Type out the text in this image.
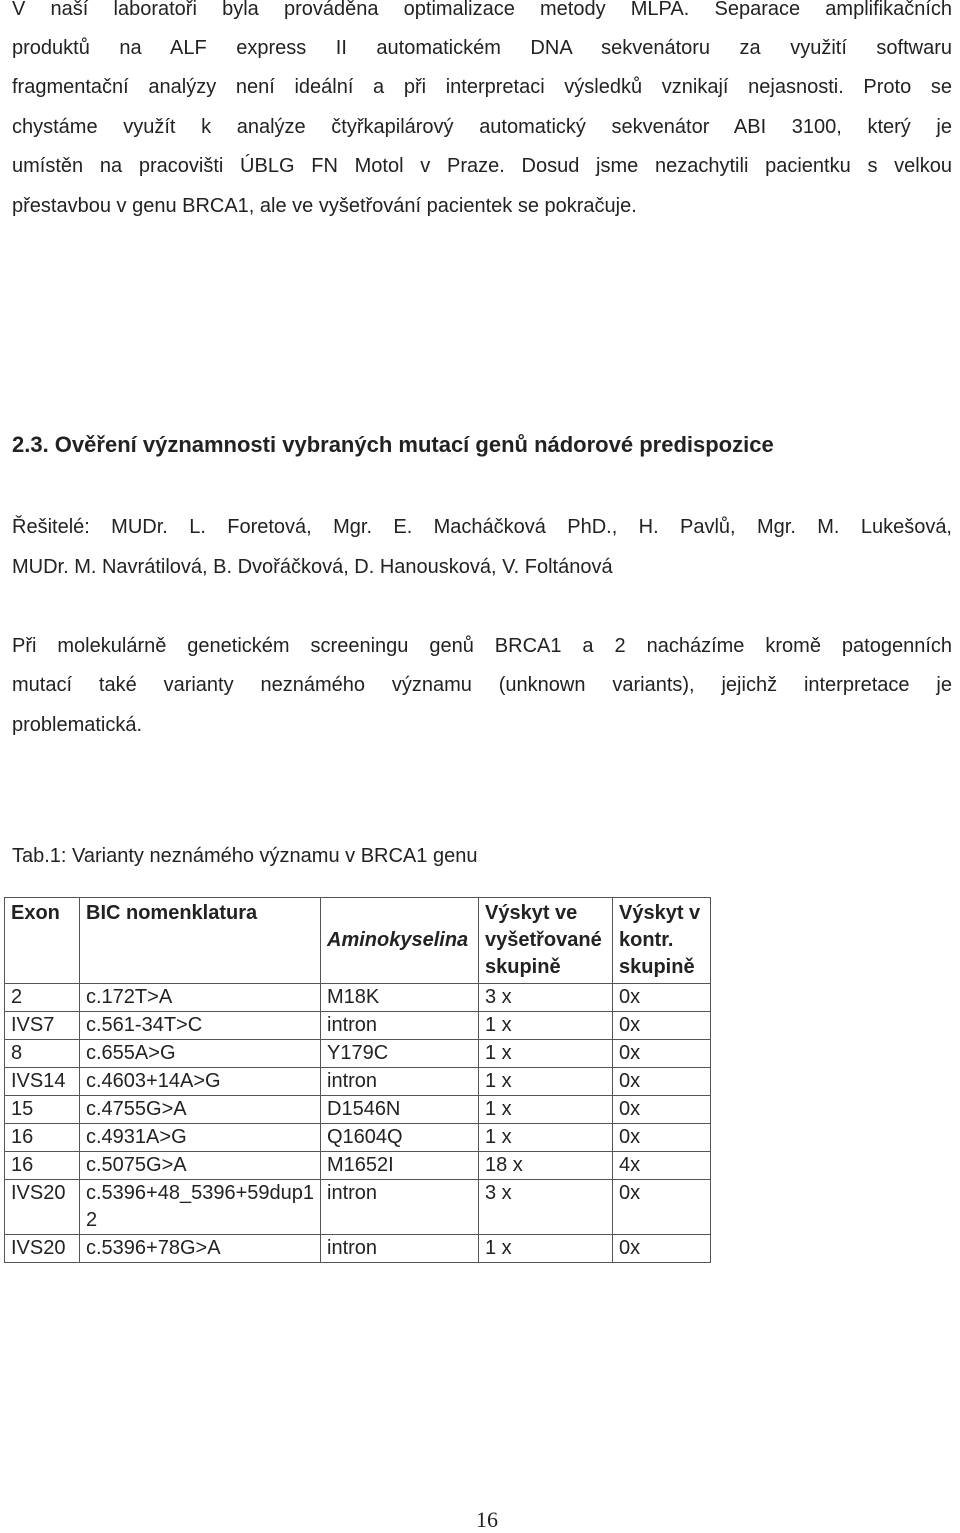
V naší laboratoři byla prováděna optimalizace metody MLPA. Separace amplifikačních
produktů na ALF express II automatickém DNA sekvenátoru za využití softwaru
fragmentační analýzy není ideální a při interpretaci výsledků vznikají nejasnosti. Proto se
chystáme využít k analýze čtyřkapilárový automatický sekvenátor ABI 3100, který je
umístěn na pracovišti ÚBLG FN Motol v Praze. Dosud jsme nezachytili pacientku s velkou
přestavbou v genu BRCA1, ale ve vyšetřování pacientek se pokračuje.
2.3. Ověření významnosti vybraných mutací genů nádorové predispozice
Řešitelé: MUDr. L. Foretová, Mgr. E. Macháčková PhD., H. Pavlů, Mgr. M. Lukešová,
MUDr. M. Navrátilová, B. Dvořáčková, D. Hanousková, V. Foltánová
Při molekulárně genetickém screeningu genů BRCA1 a 2 nacházíme kromě patogenních
mutací také varianty neznámého významu (unknown variants), jejichž interpretace je
problematická.
Tab.1: Varianty neznámého významu v BRCA1 genu
Exon	BIC nomenklatura	Aminokyselina	Výskyt ve vyšetřované skupině	Výskyt v kontr. skupině
2	c.172T>A	M18K	3 x	0x
IVS7	c.561-34T>C	intron	1 x	0x
8	c.655A>G	Y179C	1 x	0x
IVS14	c.4603+14A>G	intron	1 x	0x
15	c.4755G>A	D1546N	1 x	0x
16	c.4931A>G	Q1604Q	1 x	0x
16	c.5075G>A	M1652I	18 x	4x
IVS20	c.5396+48_5396+59dup12	intron	3 x	0x
IVS20	c.5396+78G>A	intron	1 x	0x
16
